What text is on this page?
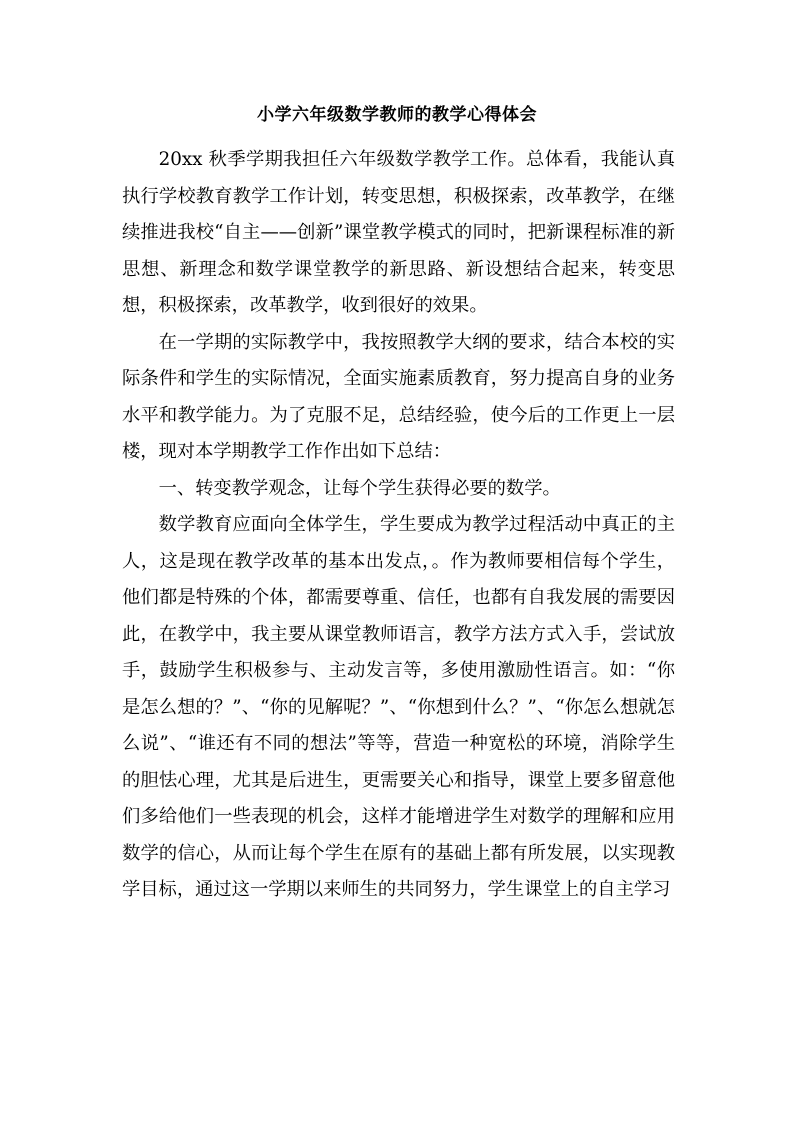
小学六年级数学教师的教学心得体会

20xx 秋季学期我担任六年级数学教学工作。总体看，我能认真执行学校教育教学工作计划，转变思想，积极探索，改革教学，在继续推进我校“自主——创新”课堂教学模式的同时，把新课程标准的新思想、新理念和数学课堂教学的新思路、新设想结合起来，转变思想，积极探索，改革教学，收到很好的效果。

在一学期的实际教学中，我按照教学大纲的要求，结合本校的实际条件和学生的实际情况，全面实施素质教育，努力提高自身的业务水平和教学能力。为了克服不足，总结经验，使今后的工作更上一层楼，现对本学期教学工作作出如下总结：

一、转变教学观念，让每个学生获得必要的数学。

数学教育应面向全体学生，学生要成为教学过程活动中真正的主人，这是现在教学改革的基本出发点，。作为教师要相信每个学生，他们都是特殊的个体，都需要尊重、信任，也都有自我发展的需要因此，在教学中，我主要从课堂教师语言，教学方法方式入手，尝试放手，鼓励学生积极参与、主动发言等，多使用激励性语言。如：“你是怎么想的？”、“你的见解呢？”、“你想到什么？”、“你怎么想就怎么说”、“谁还有不同的想法”等等，营造一种宽松的环境，消除学生的胆怯心理，尤其是后进生，更需要关心和指导，课堂上要多留意他们多给他们一些表现的机会，这样才能增进学生对数学的理解和应用数学的信心，从而让每个学生在原有的基础上都有所发展，以实现教学目标，通过这一学期以来师生的共同努力，学生课堂上的自主学习
